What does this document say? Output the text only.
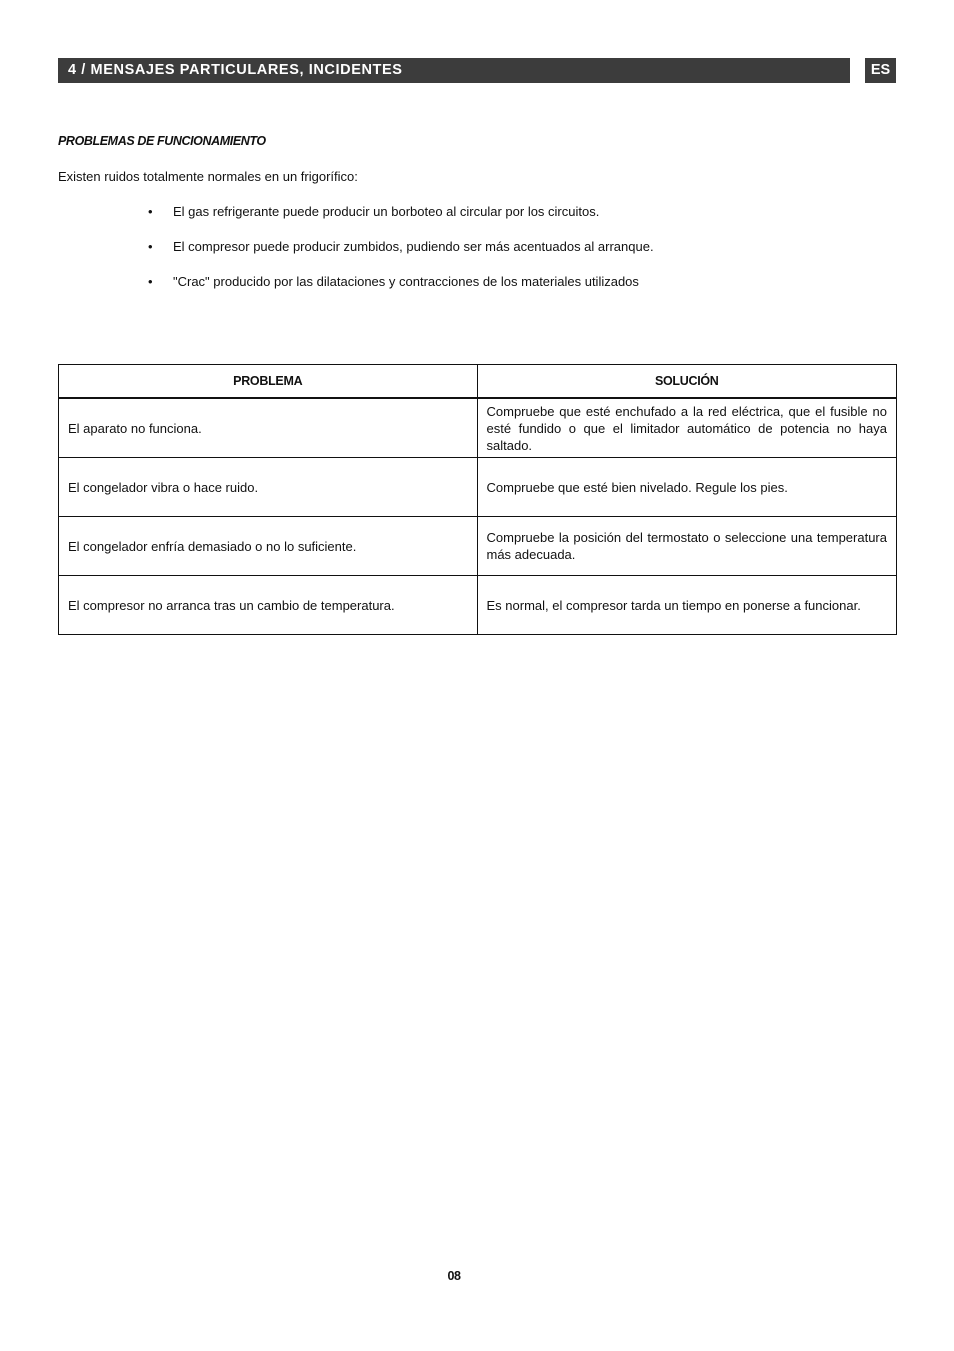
4 / MENSAJES PARTICULARES, INCIDENTES	ES
PROBLEMAS DE FUNCIONAMIENTO
Existen ruidos totalmente normales en un frigorífico:
• El gas refrigerante puede producir un borboteo al circular por los circuitos.
• El compresor puede producir zumbidos, pudiendo ser más acentuados al arranque.
• "Crac" producido por las dilataciones y contracciones de los materiales utilizados
PROBLEMA	SOLUCIÓN
El aparato no funciona.	Compruebe que esté enchufado a la red eléctrica, que el fusible no esté fundido o que el limitador automático de potencia no haya saltado.
El congelador vibra o hace ruido.	Compruebe que esté bien nivelado. Regule los pies.
El congelador enfría demasiado o no lo suficiente.	Compruebe la posición del termostato o seleccione una temperatura más adecuada.
El compresor no arranca tras un cambio de temperatura.	Es normal, el compresor tarda un tiempo en ponerse a funcionar.
08
